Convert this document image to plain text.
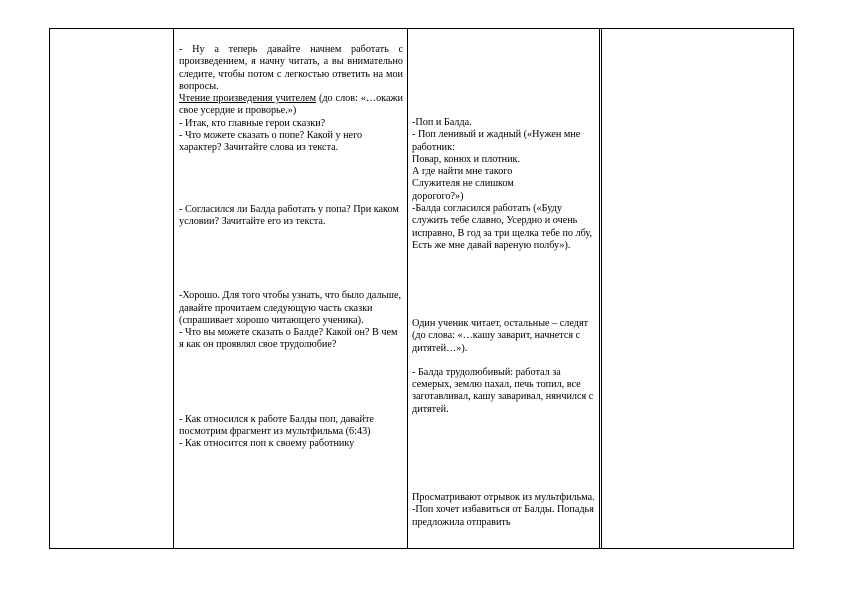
- Ну а теперь давайте начнем работать с произведением, я начну читать, а вы внимательно следите, чтобы потом с легкостью ответить на мои вопросы.

Чтение произведения учителем (до слов: «…окажи свое усердие и проворье.»)

- Итак, кто главные герои сказки?

- Что можете сказать о попе? Какой у него характер? Зачитайте слова из текста.

- Согласился ли Балда работать у попа? При каком условии? Зачитайте его из текста.

-Хорошо. Для того чтобы узнать, что было дальше, давайте прочитаем следующую часть сказки (спрашивает хорошо читающего ученика).

- Что вы можете сказать о Балде? Какой он? В чем я как он проявлял свое трудолюбие?

- Как относился к работе Балды поп, давайте посмотрим фрагмент из мультфильма (6:43)

- Как относится поп к своему работнику

-Поп и Балда.

- Поп ленивый и жадный («Нужен мне работник:

Повар, конюх и плотник.

А где найти мне такого

Служителя не слишком

дорогого?»)

-Балда согласился работать («Буду служить тебе славно, Усердно и очень исправно, В год за три щелка тебе по лбу, Есть же мне давай вареную полбу»).

Один ученик читает, остальные – следят (до слова: «…кашу заварит, начнется с дитятей…»).

- Балда трудолюбивый: работал за семерых, землю пахал, печь топил, все заготавливал, кашу заваривал, нянчился с дитятей.

Просматривают отрывок из мультфильма.

-Поп хочет избавиться от Балды. Попадья предложила отправить
